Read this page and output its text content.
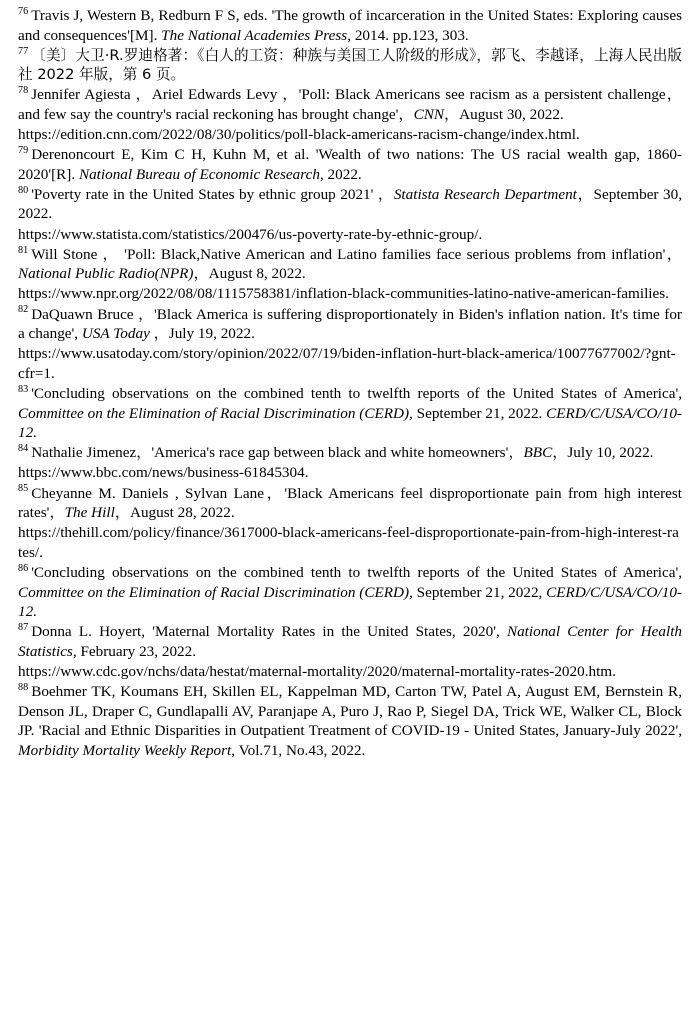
$^{76}$ Travis J, Western B, Redburn F S, eds. 'The growth of incarceration in the United States: Exploring causes and consequences'[M]. The National Academies Press, 2014. pp.123, 303.

$^{77}$ 〔美〕大卫·R.罗迪格著：《白人的工资：种族与美国工人阶级的形成》，郭飞、李越译，上海人民出版社 2022 年版，第 6 页。

$^{78}$ Jennifer Agiesta ，Ariel Edwards Levy ，'Poll: Black Americans see racism as a persistent challenge，and few say the country's racial reckoning has brought change'，CNN，August 30, 2022.

https://edition.cnn.com/2022/08/30/politics/poll-black-americans-racism-change/index.html.

$^{79}$ Derenoncourt E, Kim C H, Kuhn M, et al. 'Wealth of two nations: The US racial wealth gap, 1860-2020'[R]. National Bureau of Economic Research, 2022.

$^{80}$ 'Poverty rate in the United States by ethnic group 2021' ，Statista Research Department，September 30, 2022.

https://www.statista.com/statistics/200476/us-poverty-rate-by-ethnic-group/.

$^{81}$ Will Stone ， 'Poll: Black,Native American and Latino families face serious problems from inflation'，National Public Radio(NPR)，August 8, 2022.

https://www.npr.org/2022/08/08/1115758381/inflation-black-communities-latino-native-american-families.

$^{82}$ DaQuawn Bruce ，'Black America is suffering disproportionately in Biden's inflation nation. It's time for a change', USA Today ，July 19, 2022.

https://www.usatoday.com/story/opinion/2022/07/19/biden-inflation-hurt-black-america/10077677002/?gnt-cfr=1.

$^{83}$ 'Concluding observations on the combined tenth to twelfth reports of the United States of America', Committee on the Elimination of Racial Discrimination (CERD), September 21, 2022. CERD/C/USA/CO/10-12.

$^{84}$ Nathalie Jimenez，'America's race gap between black and white homeowners'，BBC，July 10, 2022.

https://www.bbc.com/news/business-61845304.

$^{85}$ Cheyanne M. Daniels , Sylvan Lane，'Black Americans feel disproportionate pain from high interest rates'，The Hill，August 28, 2022.

https://thehill.com/policy/finance/3617000-black-americans-feel-disproportionate-pain-from-high-interest-rates/.

$^{86}$ 'Concluding observations on the combined tenth to twelfth reports of the United States of America', Committee on the Elimination of Racial Discrimination (CERD), September 21, 2022, CERD/C/USA/CO/10-12.

$^{87}$ Donna L. Hoyert, 'Maternal Mortality Rates in the United States, 2020', National Center for Health Statistics, February 23, 2022.

https://www.cdc.gov/nchs/data/hestat/maternal-mortality/2020/maternal-mortality-rates-2020.htm.

$^{88}$ Boehmer TK, Koumans EH, Skillen EL, Kappelman MD, Carton TW, Patel A, August EM, Bernstein R, Denson JL, Draper C, Gundlapalli AV, Paranjape A, Puro J, Rao P, Siegel DA, Trick WE, Walker CL, Block JP. 'Racial and Ethnic Disparities in Outpatient Treatment of COVID-19 - United States, January-July 2022', Morbidity Mortality Weekly Report, Vol.71, No.43, 2022.
